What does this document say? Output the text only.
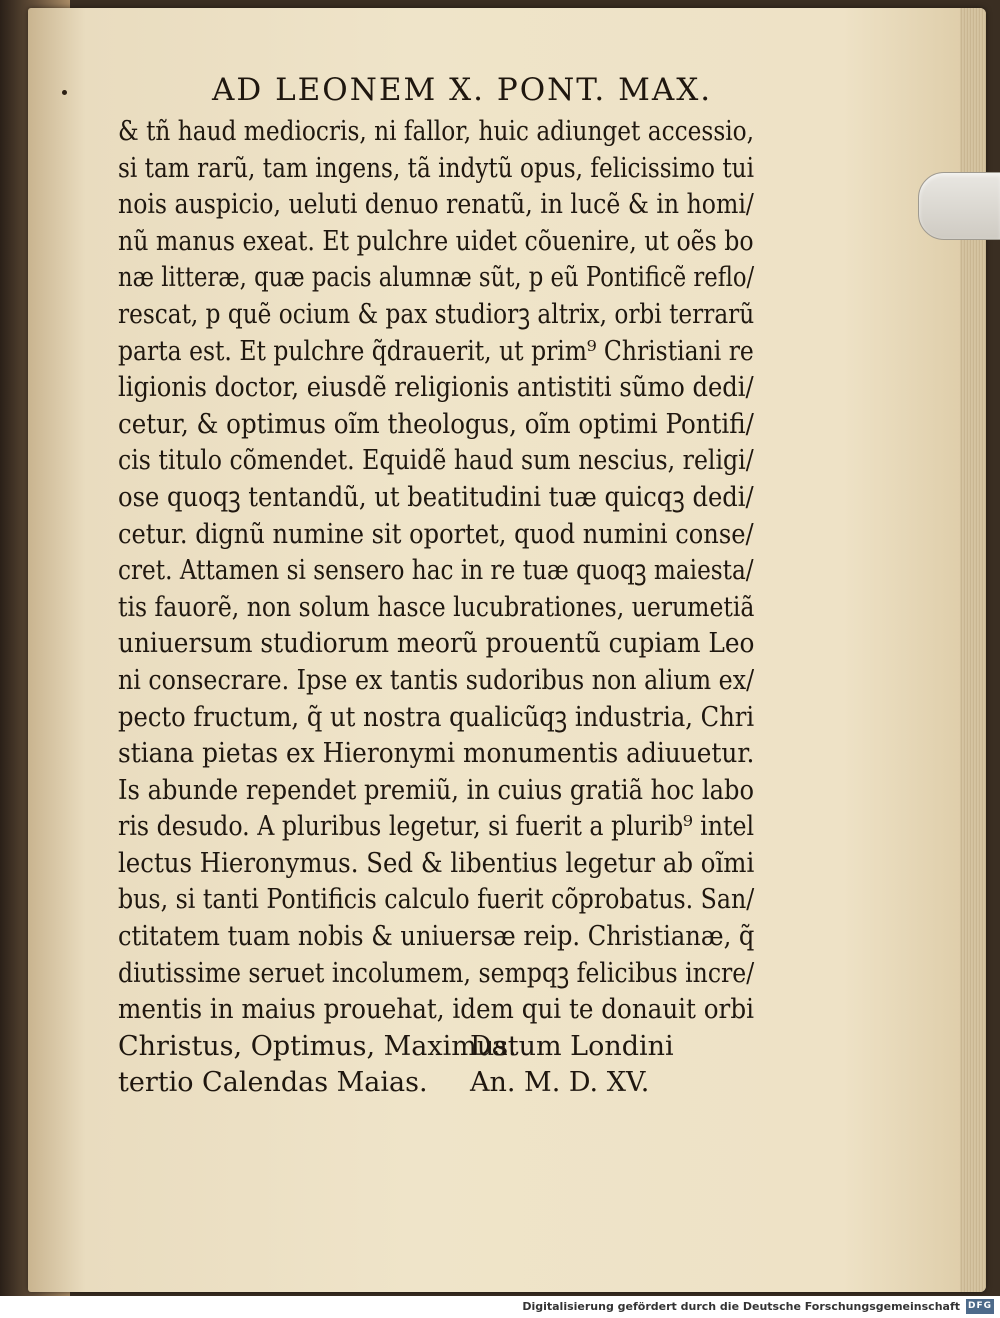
AD LEONEM X. PONT. MAX.
& tñ haud mediocris, ni fallor, huic adiunget accessio,
si tam rarũ, tam ingens, tã indytũ opus, felicissimo tui
nois auspicio, ueluti denuo renatũ, in lucẽ & in homi/
nũ manus exeat. Et pulchre uidet cõuenire, ut oẽs bo
næ litteræ, quæ pacis alumnæ sũt, p eũ Pontificẽ reflo/
rescat, p quẽ ocium & pax studiorꝫ altrix, orbi terrarũ
parta est. Et pulchre q̃drauerit, ut prim⁹ Christiani re
ligionis doctor, eiusdẽ religionis antistiti sũmo dedi/
cetur, & optimus oĩm theologus, oĩm optimi Pontifi/
cis titulo cõmendet. Equidẽ haud sum nescius, religi/
ose quoqꝫ tentandũ, ut beatitudini tuæ quicqꝫ dedi/
cetur. dignũ numine sit oportet, quod numini conse/
cret. Attamen si sensero hac in re tuæ quoqꝫ maiesta/
tis fauorẽ, non solum hasce lucubrationes, uerumetiã
uniuersum studiorum meorũ prouentũ cupiam Leo
ni consecrare. Ipse ex tantis sudoribus non alium ex/
pecto fructum, q̃ ut nostra qualicũqꝫ industria, Chri
stiana pietas ex Hieronymi monumentis adiuuetur.
Is abunde rependet premiũ, in cuius gratiã hoc labo
ris desudo. A pluribus legetur, si fuerit a plurib⁹ intel
lectus Hieronymus. Sed & libentius legetur ab oĩmi
bus, si tanti Pontificis calculo fuerit cõprobatus. San/
ctitatem tuam nobis & uniuersæ reip. Christianæ, q̃
diutissime seruet incolumem, sempqꝫ felicibus incre/
mentis in maius prouehat, idem qui te donauit orbi
Christus, Optimus, Maximus.
Datum Londini
tertio Calendas Maias. An. M. D. XV.
Digitalisierung gefördert durch die Deutsche Forschungsgemeinschaft DFG
